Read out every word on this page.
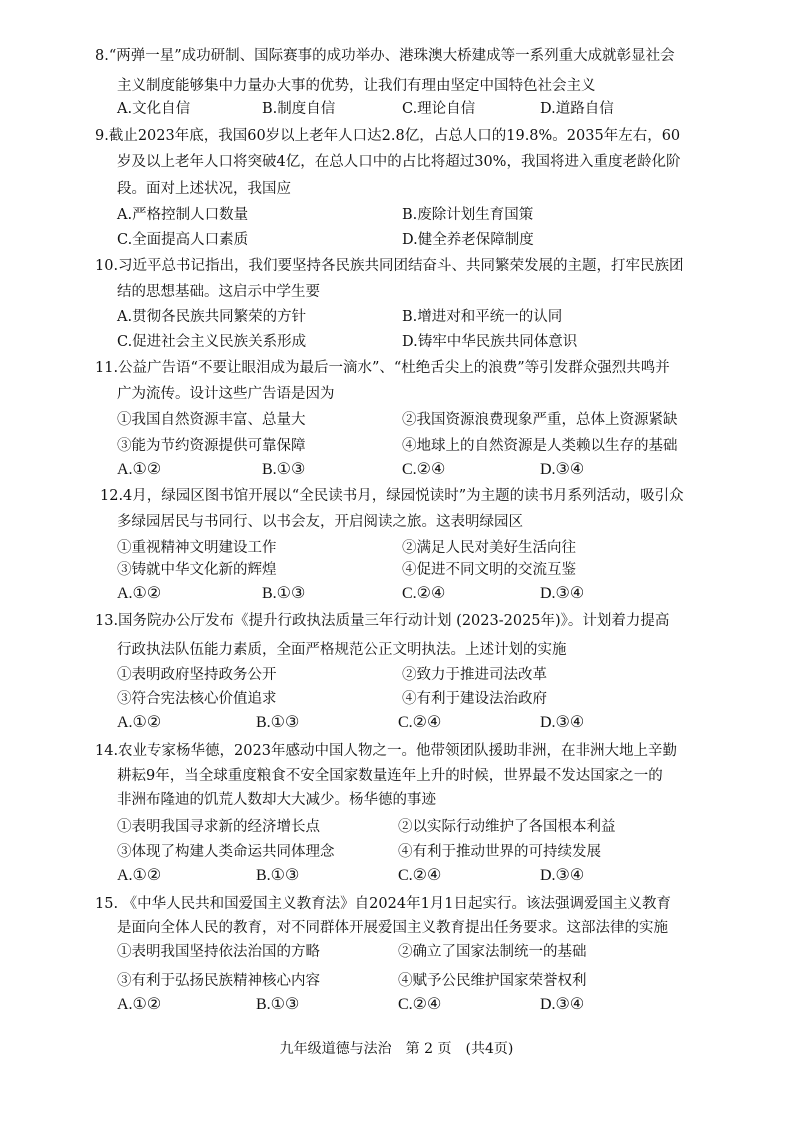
8.“两弹一星”成功研制、国际赛事的成功举办、港珠澳大桥建成等一系列重大成就彰显社会
主义制度能够集中力量办大事的优势，让我们有理由坚定中国特色社会主义
A.文化自信	B.制度自信	C.理论自信	D.道路自信
9.截止2023年底，我国60岁以上老年人口达2.8亿，占总人口的19.8%。2035年左右，60
岁及以上老年人口将突破4亿，在总人口中的占比将超过30%，我国将进入重度老龄化阶
段。面对上述状况，我国应
A.严格控制人口数量	B.废除计划生育国策
C.全面提高人口素质	D.健全养老保障制度
10.习近平总书记指出，我们要坚持各民族共同团结奋斗、共同繁荣发展的主题，打牢民族团
结的思想基础。这启示中学生要
A.贯彻各民族共同繁荣的方针	B.增进对和平统一的认同
C.促进社会主义民族关系形成	D.铸牢中华民族共同体意识
11.公益广告语“不要让眼泪成为最后一滴水”、“杜绝舌尖上的浪费”等引发群众强烈共鸣并
广为流传。设计这些广告语是因为
①我国自然资源丰富、总量大	②我国资源浪费现象严重，总体上资源紧缺
③能为节约资源提供可靠保障	④地球上的自然资源是人类赖以生存的基础
A.①②	B.①③	C.②④	D.③④
12.4月，绿园区图书馆开展以“全民读书月，绿园悦读时”为主题的读书月系列活动，吸引众
多绿园居民与书同行、以书会友，开启阅读之旅。这表明绿园区
①重视精神文明建设工作	②满足人民对美好生活向往
③铸就中华文化新的辉煌	④促进不同文明的交流互鉴
A.①②	B.①③	C.②④	D.③④
13.国务院办公厅发布《提升行政执法质量三年行动计划 (2023-2025年)》。计划着力提高
行政执法队伍能力素质，全面严格规范公正文明执法。上述计划的实施
①表明政府坚持政务公开	②致力于推进司法改革
③符合宪法核心价值追求	④有利于建设法治政府
A.①②	B.①③	C.②④	D.③④
14.农业专家杨华德，2023年感动中国人物之一。他带领团队援助非洲，在非洲大地上辛勤
耕耘9年，当全球重度粮食不安全国家数量连年上升的时候，世界最不发达国家之一的
非洲布隆迪的饥荒人数却大大减少。杨华德的事迹
①表明我国寻求新的经济增长点	②以实际行动维护了各国根本利益
③体现了构建人类命运共同体理念	④有利于推动世界的可持续发展
A.①②	B.①③	C.②④	D.③④
15. 《中华人民共和国爱国主义教育法》自2024年1月1日起实行。该法强调爱国主义教育
是面向全体人民的教育，对不同群体开展爱国主义教育提出任务要求。这部法律的实施
①表明我国坚持依法治国的方略	②确立了国家法制统一的基础
③有利于弘扬民族精神核心内容	④赋予公民维护国家荣誉权利
A.①②	B.①③	C.②④	D.③④
九年级道德与法治　第 2 页　(共4页)
